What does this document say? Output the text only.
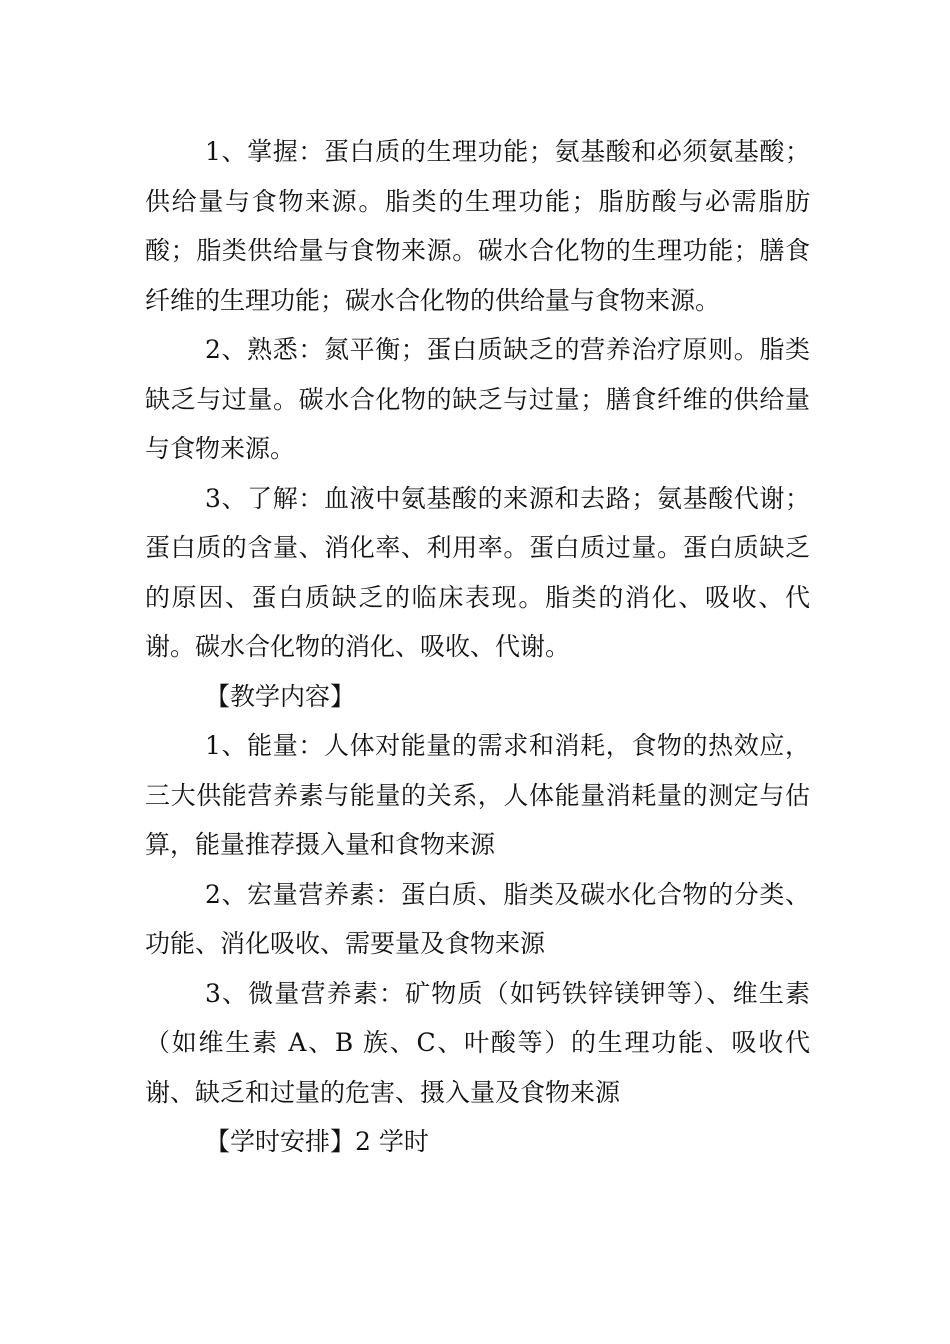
1、掌握：蛋白质的生理功能；氨基酸和必须氨基酸；供给量与食物来源。脂类的生理功能；脂肪酸与必需脂肪酸；脂类供给量与食物来源。碳水合化物的生理功能；膳食纤维的生理功能；碳水合化物的供给量与食物来源。

2、熟悉：氮平衡；蛋白质缺乏的营养治疗原则。脂类缺乏与过量。碳水合化物的缺乏与过量；膳食纤维的供给量与食物来源。

3、了解：血液中氨基酸的来源和去路；氨基酸代谢；蛋白质的含量、消化率、利用率。蛋白质过量。蛋白质缺乏的原因、蛋白质缺乏的临床表现。脂类的消化、吸收、代谢。碳水合化物的消化、吸收、代谢。

【教学内容】

1、能量：人体对能量的需求和消耗，食物的热效应，三大供能营养素与能量的关系，人体能量消耗量的测定与估算，能量推荐摄入量和食物来源

2、宏量营养素：蛋白质、脂类及碳水化合物的分类、功能、消化吸收、需要量及食物来源

3、微量营养素：矿物质（如钙铁锌镁钾等）、维生素（如维生素 A、B 族、C、叶酸等）的生理功能、吸收代谢、缺乏和过量的危害、摄入量及食物来源

【学时安排】2 学时
